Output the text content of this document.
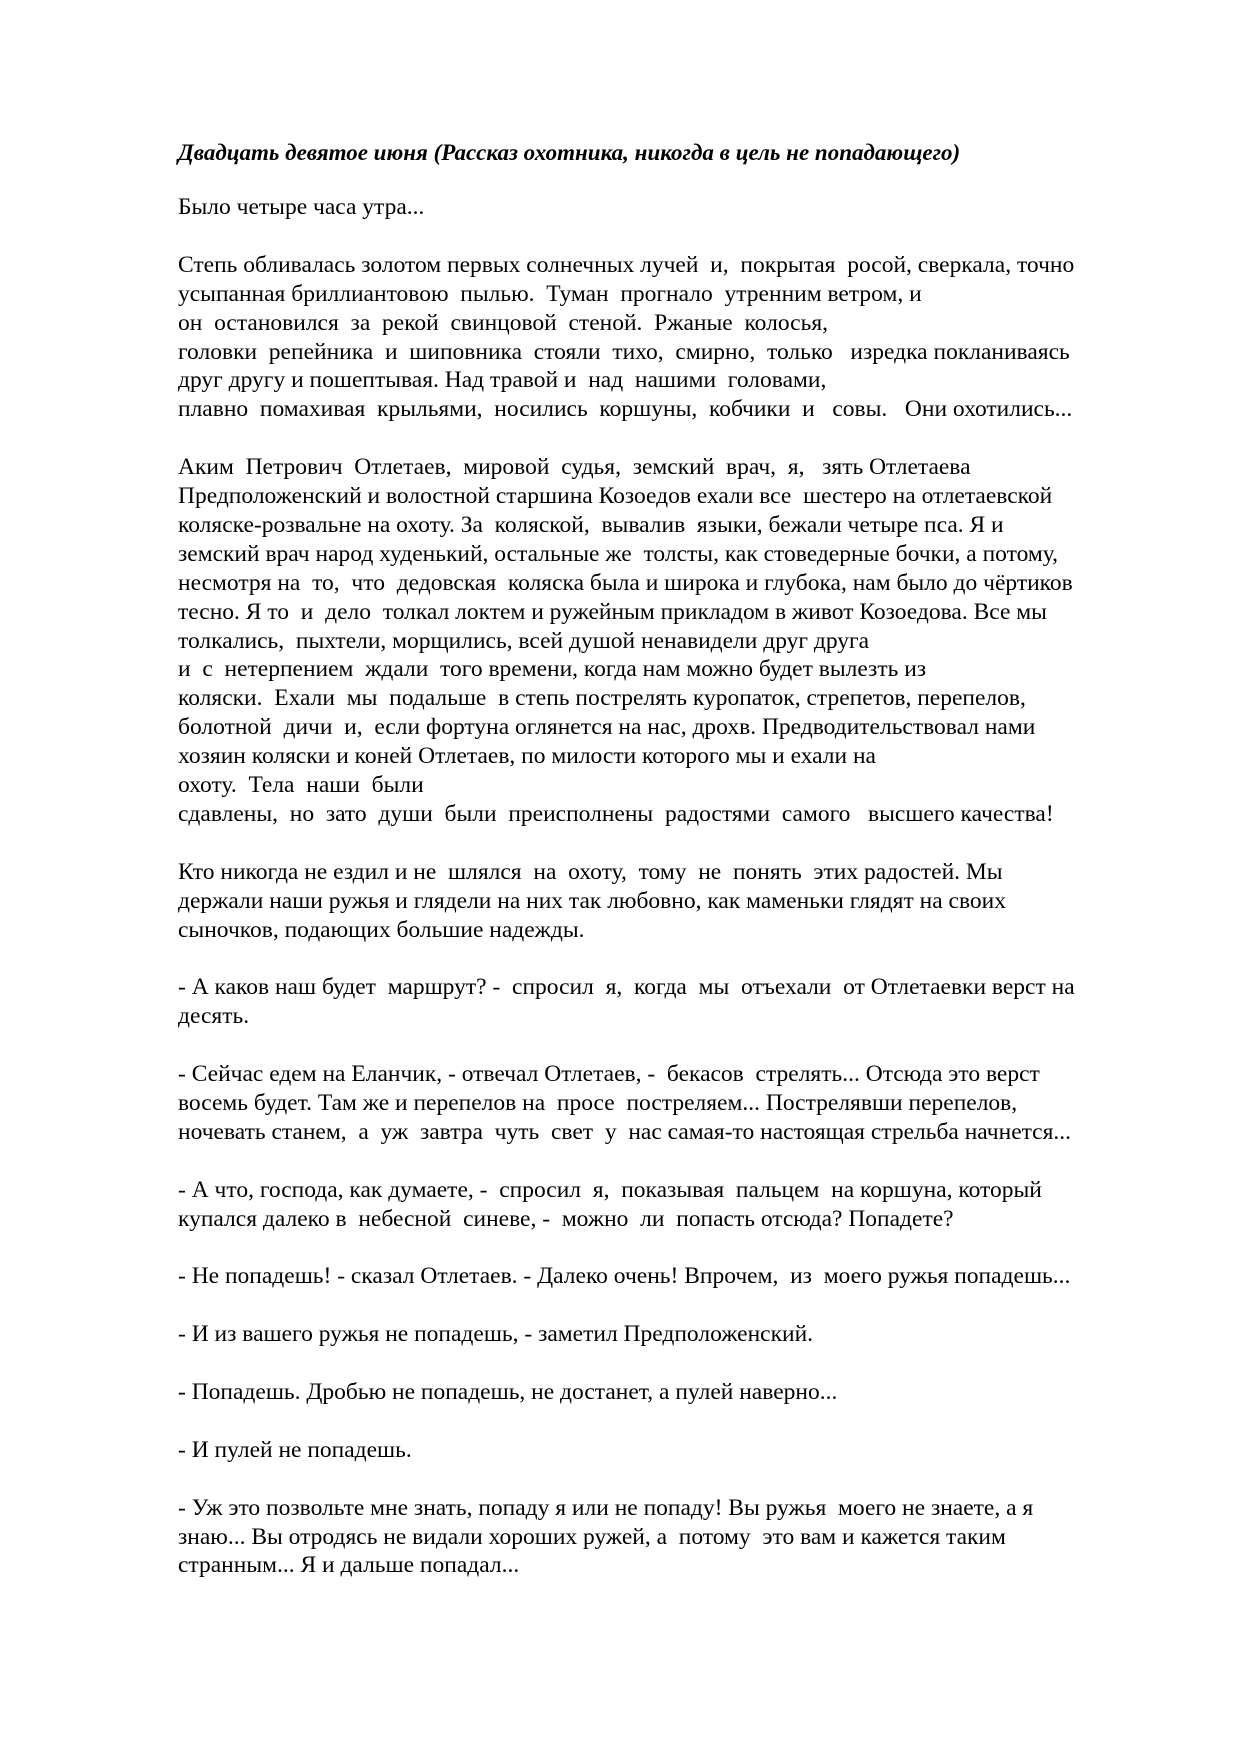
Двадцать девятое июня (Рассказ охотника, никогда в цель не попадающего)
Было четыре часа утра...
Степь обливалась золотом первых солнечных лучей  и,  покрытая  росой, сверкала, точно
усыпанная бриллиантовою  пылью.  Туман  прогнало  утренним ветром, и
он  остановился  за  рекой  свинцовой  стеной.  Ржаные  колосья,
головки  репейника  и  шиповника  стояли  тихо,  смирно,  только   изредка покланиваясь
друг другу и пошептывая. Над травой и  над  нашими  головами,
плавно  помахивая  крыльями,  носились  коршуны,  кобчики  и   совы.   Они охотились...
Аким  Петрович  Отлетаев,  мировой  судья,  земский  врач,  я,   зять Отлетаева
Предположенский и волостной старшина Козоедов ехали все  шестеро на отлетаевской
коляске-розвальне на охоту. За  коляской,  вывалив  языки, бежали четыре пса. Я и
земский врач народ худенький, остальные же  толсты, как стоведерные бочки, а потому,
несмотря на  то,  что  дедовская  коляска была и широка и глубока, нам было до чёртиков
тесно. Я то  и  дело  толкал локтем и ружейным прикладом в живот Козоедова. Все мы
толкались,  пыхтели, морщились, всей душой ненавидели друг друга
и  с  нетерпением  ждали  того времени, когда нам можно будет вылезть из
коляски.  Ехали  мы  подальше  в степь пострелять куропаток, стрепетов, перепелов,
болотной  дичи  и,  если фортуна оглянется на нас, дрохв. Предводительствовал нами
хозяин коляски и коней Отлетаев, по милости которого мы и ехали на
охоту.  Тела  наши  были
сдавлены,  но  зато  души  были  преисполнены  радостями  самого   высшего качества!
Кто никогда не ездил и не  шлялся  на  охоту,  тому  не  понять  этих радостей. Мы
держали наши ружья и глядели на них так любовно, как маменьки глядят на своих
сыночков, подающих большие надежды.
- А каков наш будет  маршрут? -  спросил  я,  когда  мы  отъехали  от Отлетаевки верст на
десять.
- Сейчас едем на Еланчик, - отвечал Отлетаев, -  бекасов  стрелять... Отсюда это верст
восемь будет. Там же и перепелов на  просе  постреляем... Пострелявши перепелов,
ночевать станем,  а  уж  завтра  чуть  свет  у  нас самая-то настоящая стрельба начнется...
- А что, господа, как думаете, -  спросил  я,  показывая  пальцем  на коршуна, который
купался далеко в  небесной  синеве, -  можно  ли  попасть отсюда? Попадете?
- Не попадешь! - сказал Отлетаев. - Далеко очень! Впрочем,  из  моего ружья попадешь...
- И из вашего ружья не попадешь, - заметил Предположенский.
- Попадешь. Дробью не попадешь, не достанет, а пулей наверно...
- И пулей не попадешь.
- Уж это позвольте мне знать, попаду я или не попаду! Вы ружья  моего не знаете, а я
знаю... Вы отродясь не видали хороших ружей, а  потому  это вам и кажется таким
странным... Я и дальше попадал...
